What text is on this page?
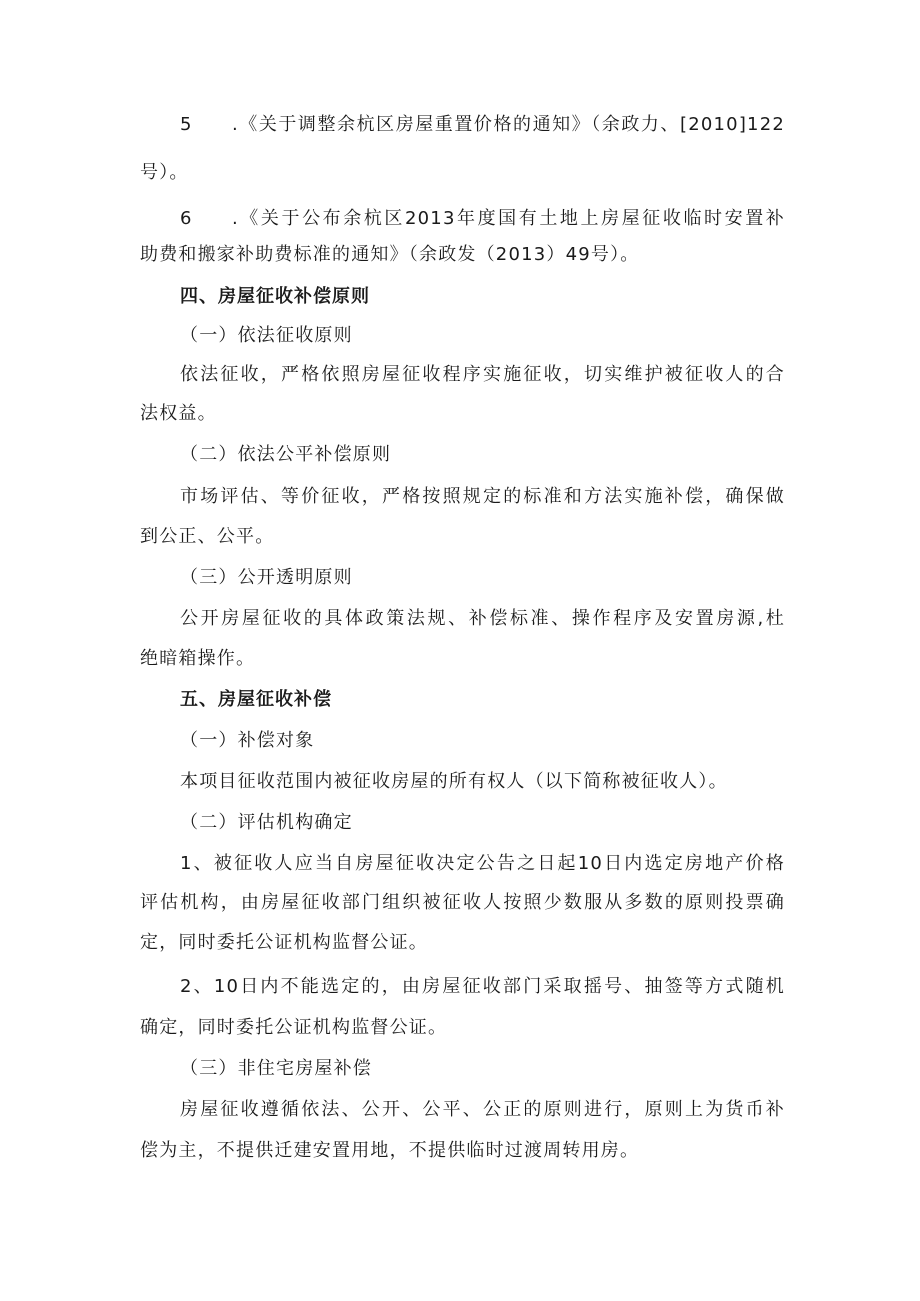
5 .《关于调整余杭区房屋重置价格的通知》（余政力、[2010]122
号）。
6 .《关于公布余杭区2013年度国有土地上房屋征收临时安置补
助费和搬家补助费标准的通知》（余政发（2013）49号）。
四、房屋征收补偿原则
（一）依法征收原则
依法征收，严格依照房屋征收程序实施征收，切实维护被征收人的合
法权益。
（二）依法公平补偿原则
市场评估、等价征收，严格按照规定的标准和方法实施补偿，确保做
到公正、公平。
（三）公开透明原则
公开房屋征收的具体政策法规、补偿标准、操作程序及安置房源,杜
绝暗箱操作。
五、房屋征收补偿
（一）补偿对象
本项目征收范围内被征收房屋的所有权人（以下简称被征收人）。
（二）评估机构确定
1、被征收人应当自房屋征收决定公告之日起10日内选定房地产价格
评估机构，由房屋征收部门组织被征收人按照少数服从多数的原则投票确
定，同时委托公证机构监督公证。
2、10日内不能选定的，由房屋征收部门采取摇号、抽签等方式随机
确定，同时委托公证机构监督公证。
（三）非住宅房屋补偿
房屋征收遵循依法、公开、公平、公正的原则进行，原则上为货币补
偿为主，不提供迁建安置用地，不提供临时过渡周转用房。
